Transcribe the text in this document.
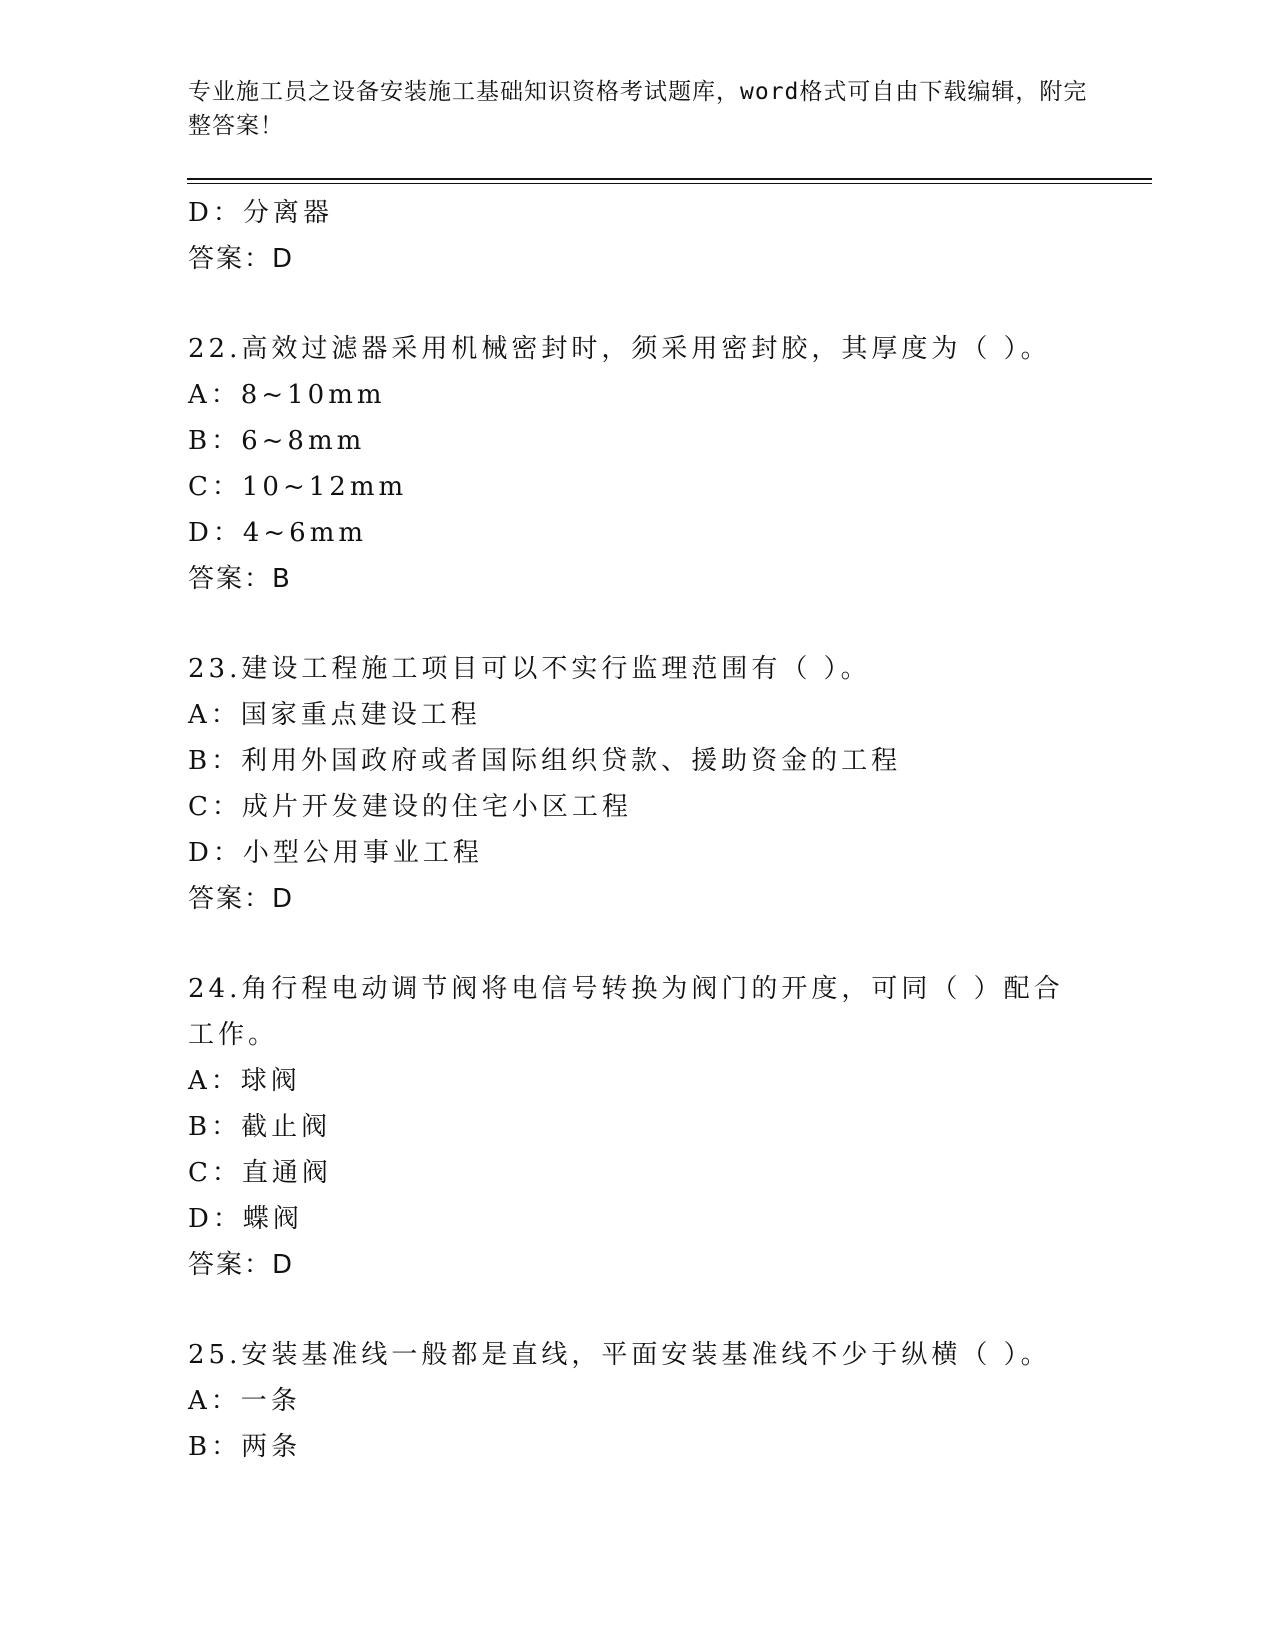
专业施工员之设备安装施工基础知识资格考试题库，word格式可自由下载编辑，附完整答案！
D：分离器
答案：D
22.高效过滤器采用机械密封时，须采用密封胶，其厚度为（ ）。
A：8~10mm
B：6~8mm
C：10~12mm
D：4~6mm
答案：B
23.建设工程施工项目可以不实行监理范围有（ ）。
A：国家重点建设工程
B：利用外国政府或者国际组织贷款、援助资金的工程
C：成片开发建设的住宅小区工程
D：小型公用事业工程
答案：D
24.角行程电动调节阀将电信号转换为阀门的开度，可同（ ）配合工作。
A：球阀
B：截止阀
C：直通阀
D：蝶阀
答案：D
25.安装基准线一般都是直线，平面安装基准线不少于纵横（ ）。
A：一条
B：两条
